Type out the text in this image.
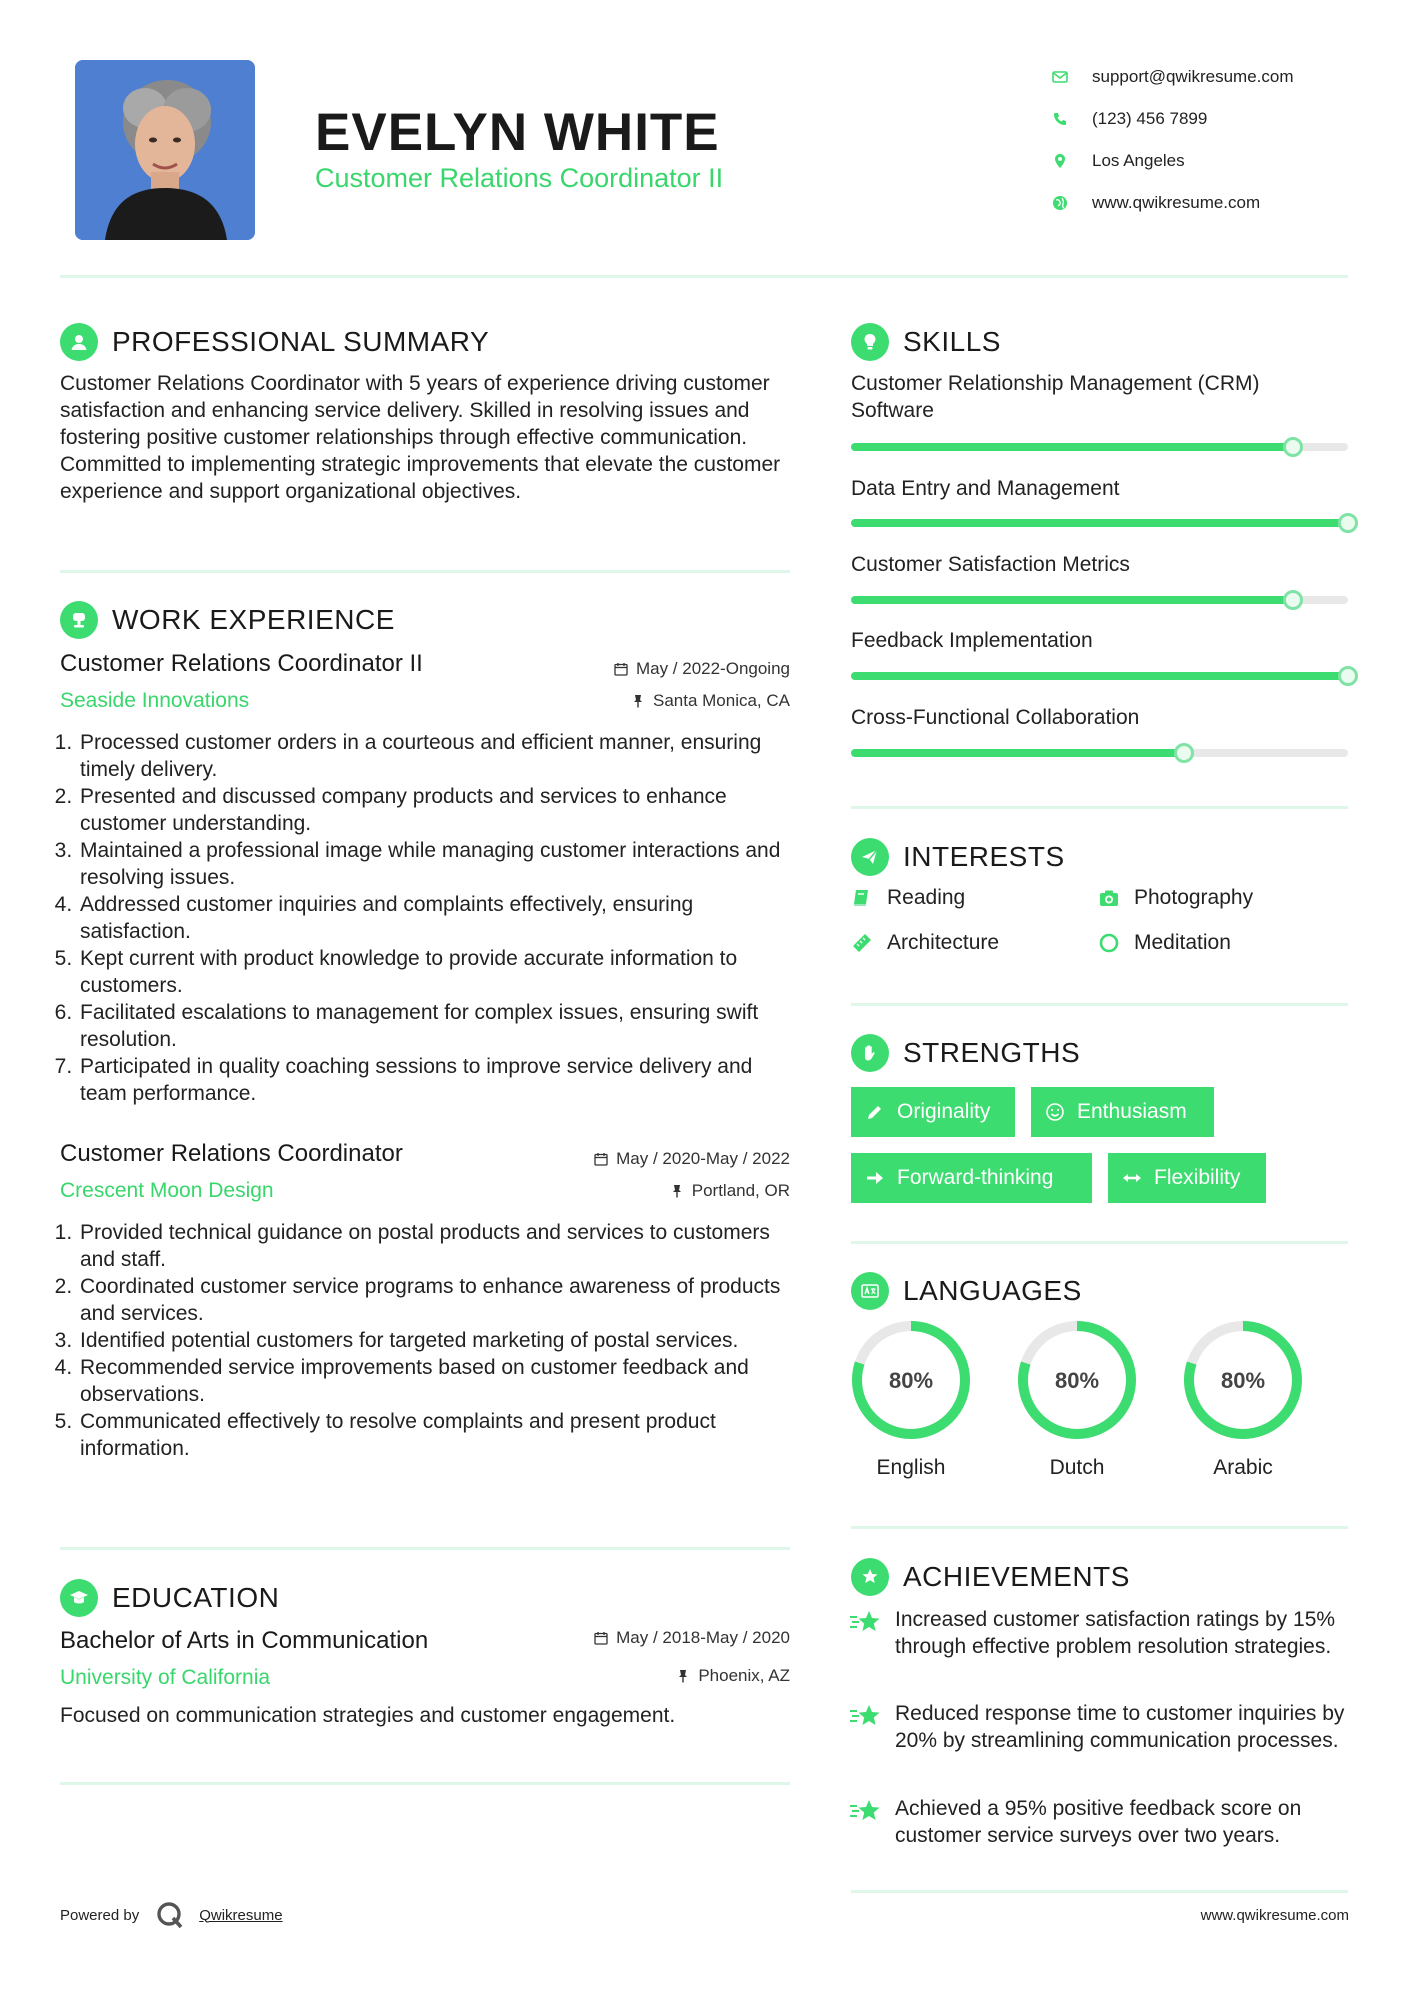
EVELYN WHITE
Customer Relations Coordinator II
support@qwikresume.com
(123) 456 7899
Los Angeles
www.qwikresume.com
PROFESSIONAL SUMMARY
Customer Relations Coordinator with 5 years of experience driving customer satisfaction and enhancing service delivery. Skilled in resolving issues and fostering positive customer relationships through effective communication. Committed to implementing strategic improvements that elevate the customer experience and support organizational objectives.
WORK EXPERIENCE
Customer Relations Coordinator II	May / 2022-Ongoing
Seaside Innovations	Santa Monica, CA
1. Processed customer orders in a courteous and efficient manner, ensuring timely delivery.
2. Presented and discussed company products and services to enhance customer understanding.
3. Maintained a professional image while managing customer interactions and resolving issues.
4. Addressed customer inquiries and complaints effectively, ensuring satisfaction.
5. Kept current with product knowledge to provide accurate information to customers.
6. Facilitated escalations to management for complex issues, ensuring swift resolution.
7. Participated in quality coaching sessions to improve service delivery and team performance.
Customer Relations Coordinator	May / 2020-May / 2022
Crescent Moon Design	Portland, OR
1. Provided technical guidance on postal products and services to customers and staff.
2. Coordinated customer service programs to enhance awareness of products and services.
3. Identified potential customers for targeted marketing of postal services.
4. Recommended service improvements based on customer feedback and observations.
5. Communicated effectively to resolve complaints and present product information.
EDUCATION
Bachelor of Arts in Communication	May / 2018-May / 2020
University of California	Phoenix, AZ
Focused on communication strategies and customer engagement.
SKILLS
Customer Relationship Management (CRM) Software
Data Entry and Management
Customer Satisfaction Metrics
Feedback Implementation
Cross-Functional Collaboration
INTERESTS
Reading	Photography
Architecture	Meditation
STRENGTHS
Originality	Enthusiasm
Forward-thinking	Flexibility
LANGUAGES
80%
English
80%
Dutch
80%
Arabic
ACHIEVEMENTS
Increased customer satisfaction ratings by 15% through effective problem resolution strategies.
Reduced response time to customer inquiries by 20% by streamlining communication processes.
Achieved a 95% positive feedback score on customer service surveys over two years.
Powered by	Qwikresume	www.qwikresume.com
